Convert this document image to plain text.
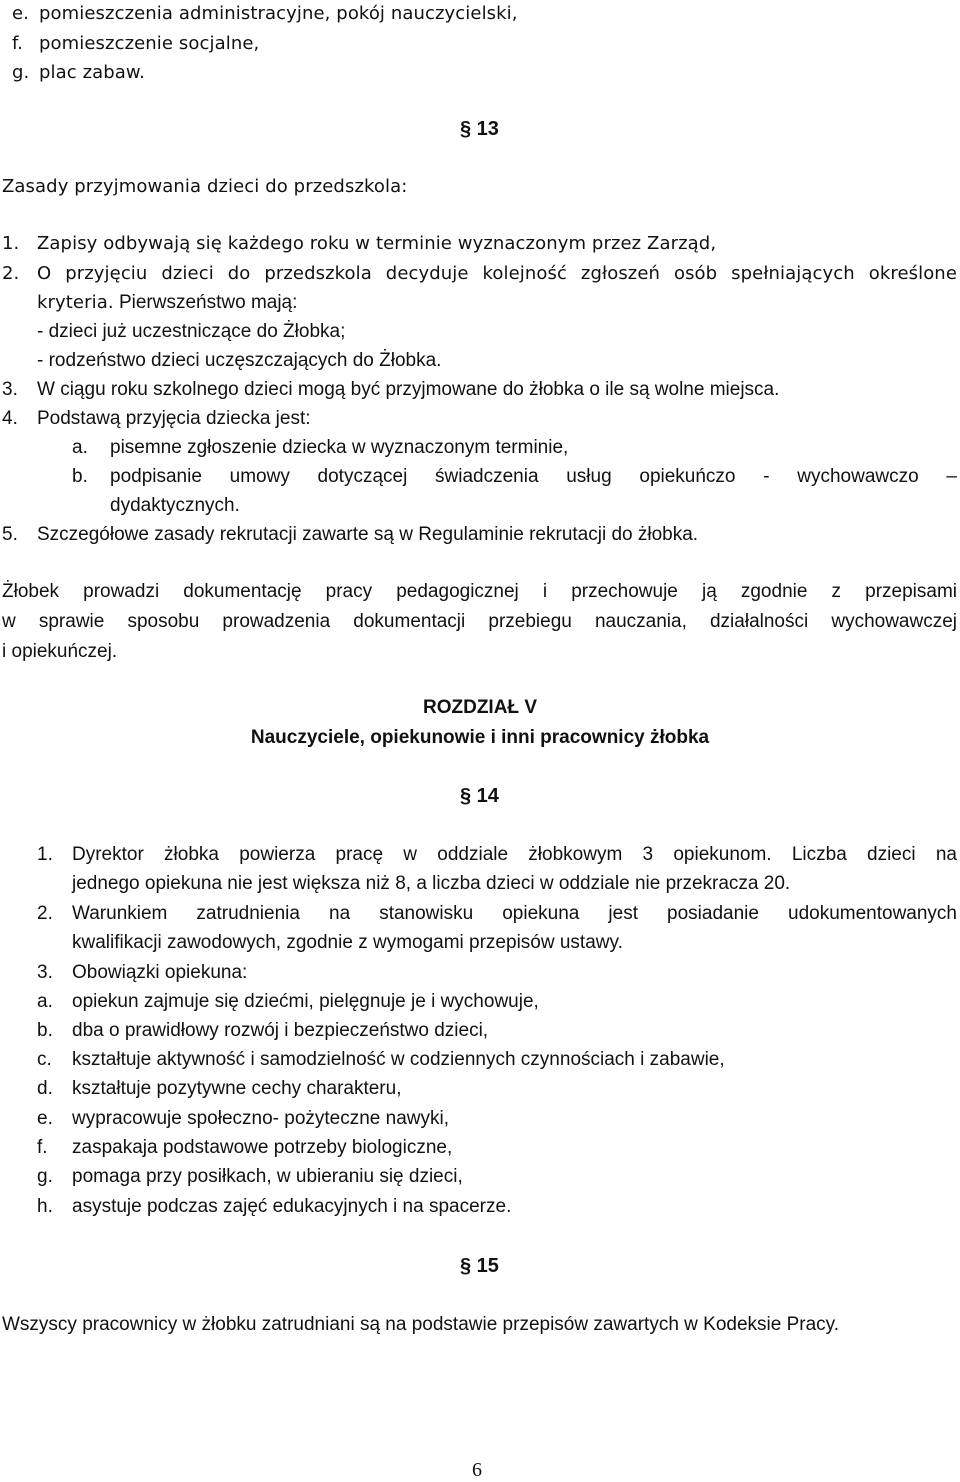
e. pomieszczenia administracyjne, pokój nauczycielski,
f. pomieszczenie socjalne,
g. plac zabaw.
§ 13
Zasady przyjmowania dzieci do przedszkola:
1. Zapisy odbywają się każdego roku w terminie wyznaczonym przez Zarząd,
2. O przyjęciu dzieci do przedszkola decyduje kolejność zgłoszeń osób spełniających określone
kryteria. Pierwszeństwo mają:
- dzieci już uczestniczące do Żłobka;
- rodzeństwo dzieci uczęszczających do Żłobka.
3. W ciągu roku szkolnego dzieci mogą być przyjmowane do żłobka o ile są wolne miejsca.
4. Podstawą przyjęcia dziecka jest:
a. pisemne zgłoszenie dziecka w wyznaczonym terminie,
b. podpisanie umowy dotyczącej świadczenia usług opiekuńczo - wychowawczo –
dydaktycznych.
5. Szczegółowe zasady rekrutacji zawarte są w Regulaminie rekrutacji do żłobka.
Żłobek prowadzi dokumentację pracy pedagogicznej i przechowuje ją zgodnie z przepisami
w sprawie sposobu prowadzenia dokumentacji przebiegu nauczania, działalności wychowawczej
i opiekuńczej.
ROZDZIAŁ V
Nauczyciele, opiekunowie i inni pracownicy żłobka
§ 14
1. Dyrektor żłobka powierza pracę w oddziale żłobkowym 3 opiekunom. Liczba dzieci na
jednego opiekuna nie jest większa niż 8, a liczba dzieci w oddziale nie przekracza 20.
2. Warunkiem zatrudnienia na stanowisku opiekuna jest posiadanie udokumentowanych
kwalifikacji zawodowych, zgodnie z wymogami przepisów ustawy.
3. Obowiązki opiekuna:
a. opiekun zajmuje się dziećmi, pielęgnuje je i wychowuje,
b. dba o prawidłowy rozwój i bezpieczeństwo dzieci,
c. kształtuje aktywność i samodzielność w codziennych czynnościach i zabawie,
d. kształtuje pozytywne cechy charakteru,
e. wypracowuje społeczno- pożyteczne nawyki,
f. zaspakaja podstawowe potrzeby biologiczne,
g. pomaga przy posiłkach, w ubieraniu się dzieci,
h. asystuje podczas zajęć edukacyjnych i na spacerze.
§ 15
Wszyscy pracownicy w żłobku zatrudniani są na podstawie przepisów zawartych w Kodeksie Pracy.
6
